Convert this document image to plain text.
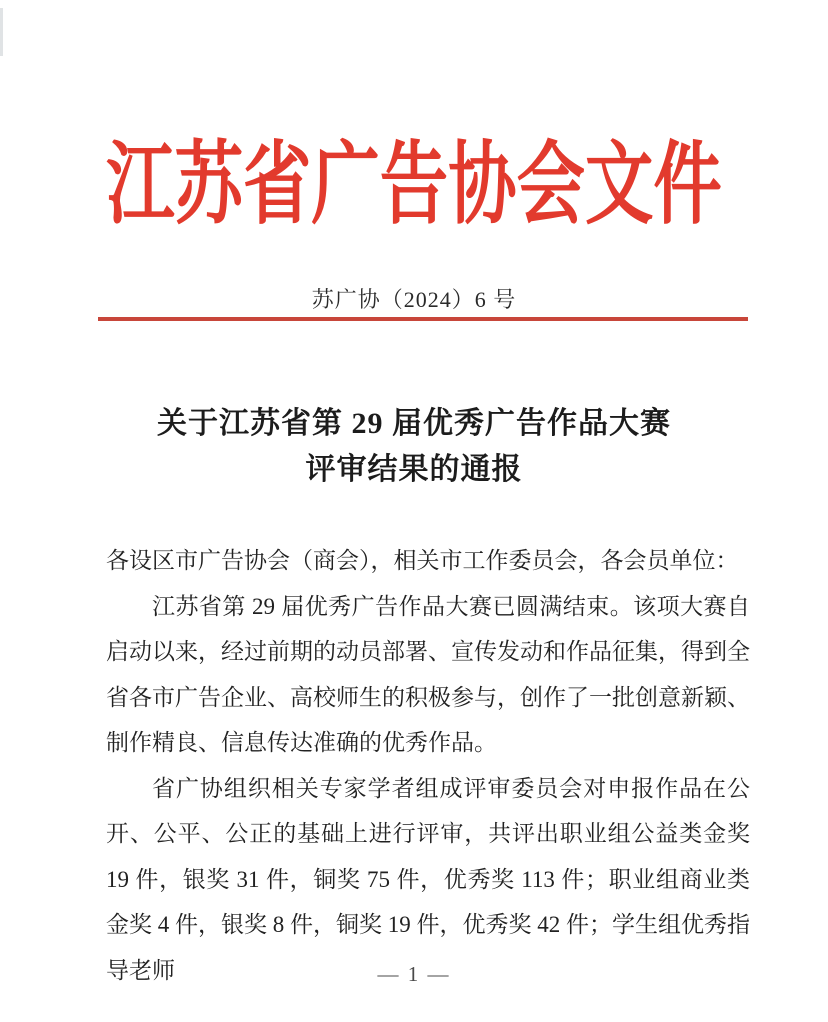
江苏省广告协会文件
苏广协（2024）6 号
关于江苏省第 29 届优秀广告作品大赛
评审结果的通报

各设区市广告协会（商会），相关市工作委员会，各会员单位：

江苏省第 29 届优秀广告作品大赛已圆满结束。该项大赛自启动以来，经过前期的动员部署、宣传发动和作品征集，得到全省各市广告企业、高校师生的积极参与，创作了一批创意新颖、制作精良、信息传达准确的优秀作品。

省广协组织相关专家学者组成评审委员会对申报作品在公开、公平、公正的基础上进行评审，共评出职业组公益类金奖 19 件，银奖 31 件，铜奖 75 件，优秀奖 113 件；职业组商业类金奖 4 件，银奖 8 件，铜奖 19 件，优秀奖 42 件；学生组优秀指导老师	— 1 —
